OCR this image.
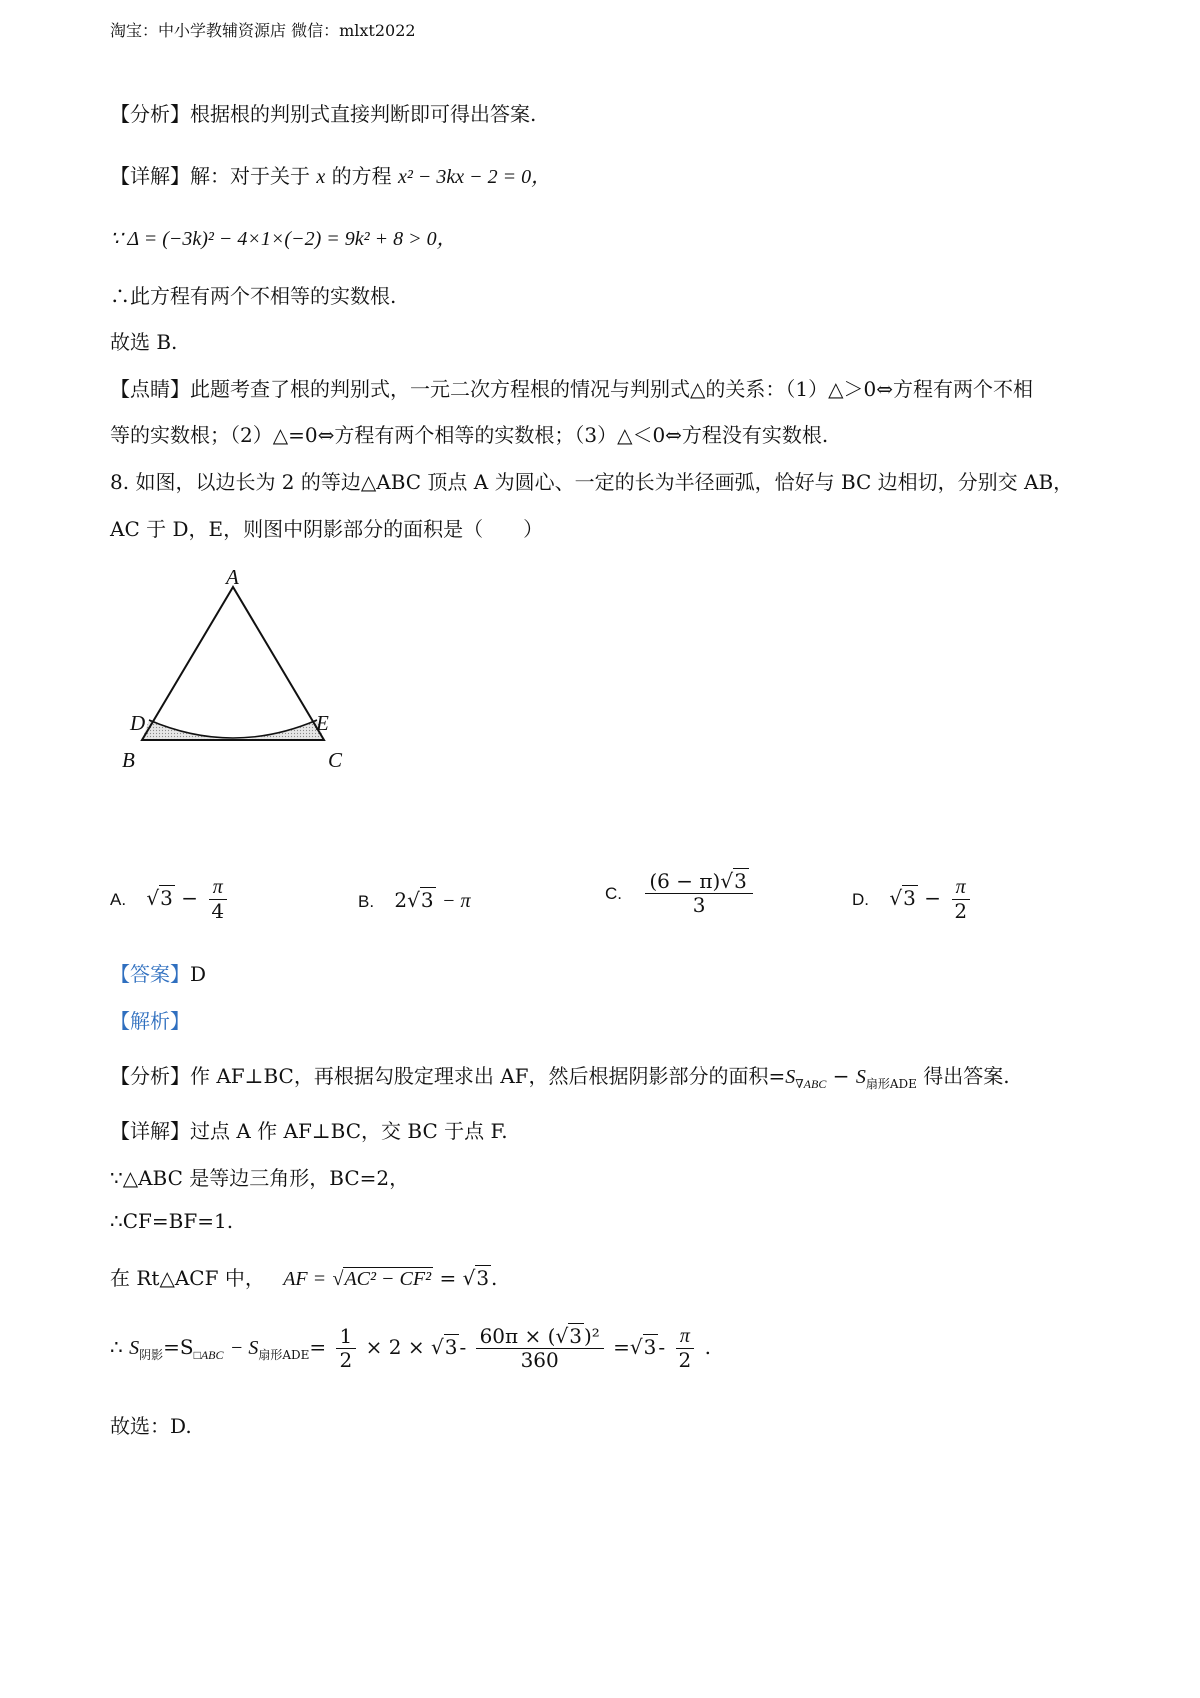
淘宝：中小学教辅资源店 微信：mlxt2022
【分析】根据根的判别式直接判断即可得出答案.
【详解】解：对于关于 x 的方程 x² − 3kx − 2 = 0，
∵ Δ = (−3k)² − 4×1×(−2) = 9k² + 8 > 0，
∴此方程有两个不相等的实数根.
故选 B.
【点睛】此题考查了根的判别式，一元二次方程根的情况与判别式△的关系：（1）△＞0⇔方程有两个不相
等的实数根；（2）△=0⇔方程有两个相等的实数根；（3）△＜0⇔方程没有实数根.
8. 如图，以边长为 2 的等边△ABC 顶点 A 为圆心、一定的长为半径画弧，恰好与 BC 边相切，分别交 AB，
AC 于 D，E，则图中阴影部分的面积是（　　）
A
B	C
D	E
A. $√3 - \frac{\pi}{4}$	B. 2√3 − π	C. $\frac{(6 - \pi)√3}{3}$	D. $√3 - \frac{\pi}{2}$
【答案】D
【解析】
【分析】作 AF⊥BC，再根据勾股定理求出 AF，然后根据阴影部分的面积$=S_{\nabla ABC} - S_{扇形ADE}$ 得出答案.
【详解】过点 A 作 AF⊥BC，交 BC 于点 F.
∵△ABC 是等边三角形，BC=2，
∴CF=BF=1.
在 Rt△ACF 中， AF = √AC² − CF² = √3 .
∴ $S_{阴影}=S_{□ABC} - S_{扇形ADE}= \frac{1}{2} \times 2 \times √3 - \frac{\text{60π × (√3 )²}}{360} =√3 - \frac{\pi}{2}$ .
故选：D.
